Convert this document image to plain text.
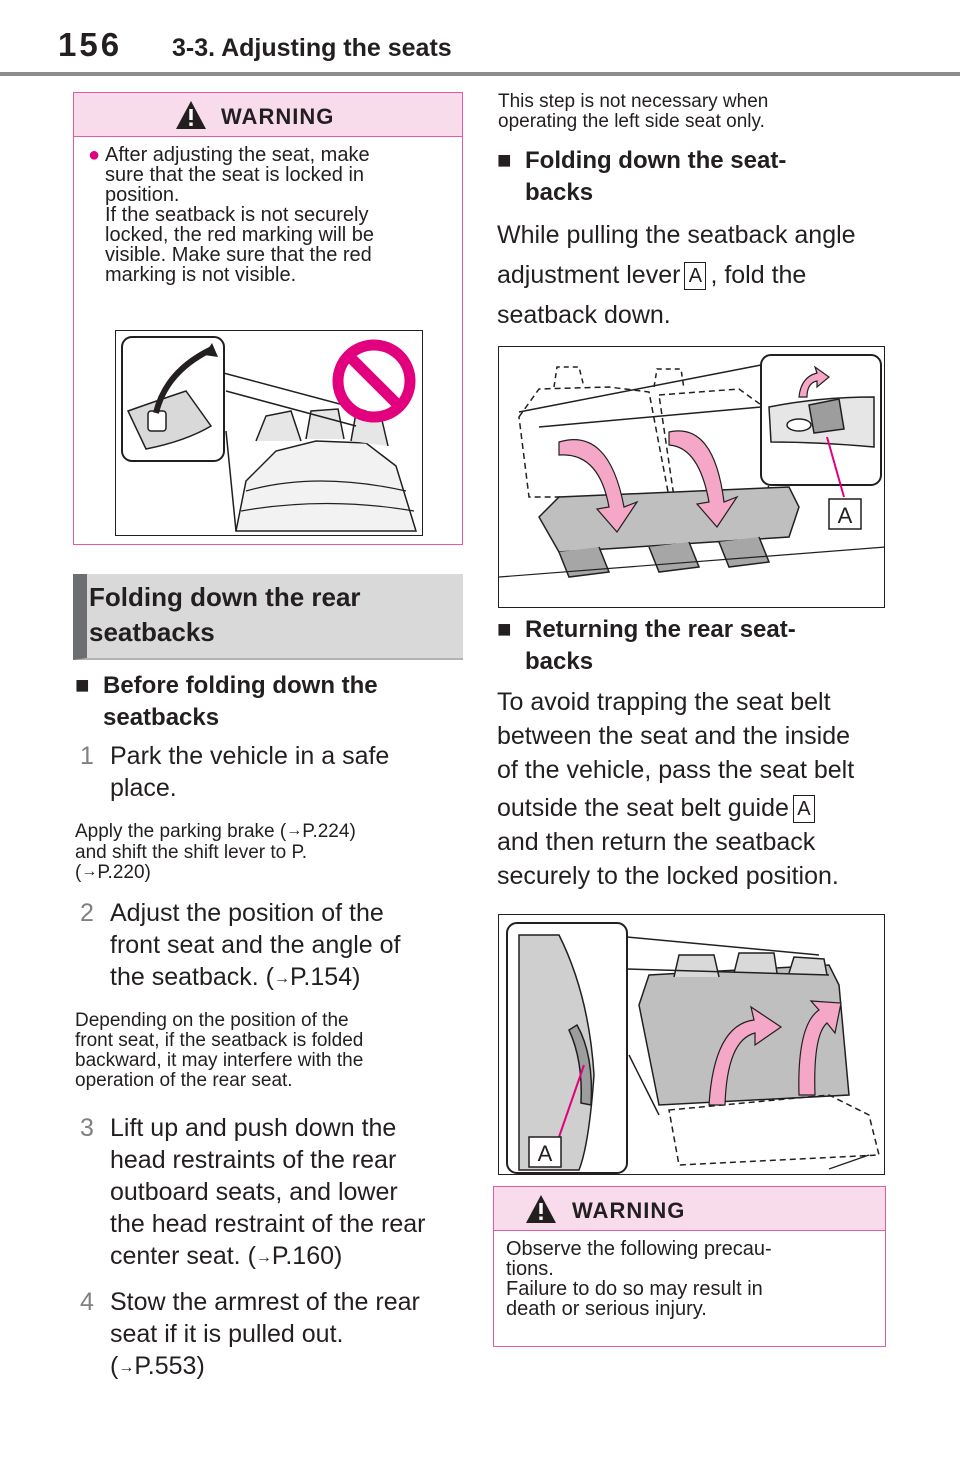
156 3-3. Adjusting the seats
WARNING
● After adjusting the seat, make
sure that the seat is locked in
position.
If the seatback is not securely
locked, the red marking will be
visible. Make sure that the red
marking is not visible.
Folding down the rear
seatbacks
■ Before folding down the
seatbacks
1 Park the vehicle in a safe
place.
Apply the parking brake (→P.224)
and shift the shift lever to P.
(→P.220)
2 Adjust the position of the
front seat and the angle of
the seatback. (→P.154)
Depending on the position of the
front seat, if the seatback is folded
backward, it may interfere with the
operation of the rear seat.
3 Lift up and push down the
head restraints of the rear
outboard seats, and lower
the head restraint of the rear
center seat. (→P.160)
4 Stow the armrest of the rear
seat if it is pulled out.
(→P.553)
This step is not necessary when
operating the left side seat only.
■ Folding down the seat-
backs
While pulling the seatback angle
adjustment lever A , fold the
seatback down.
A
■ Returning the rear seat-
backs
To avoid trapping the seat belt
between the seat and the inside
of the vehicle, pass the seat belt
outside the seat belt guide A
and then return the seatback
securely to the locked position.
A
WARNING
Observe the following precau-
tions.
Failure to do so may result in
death or serious injury.
